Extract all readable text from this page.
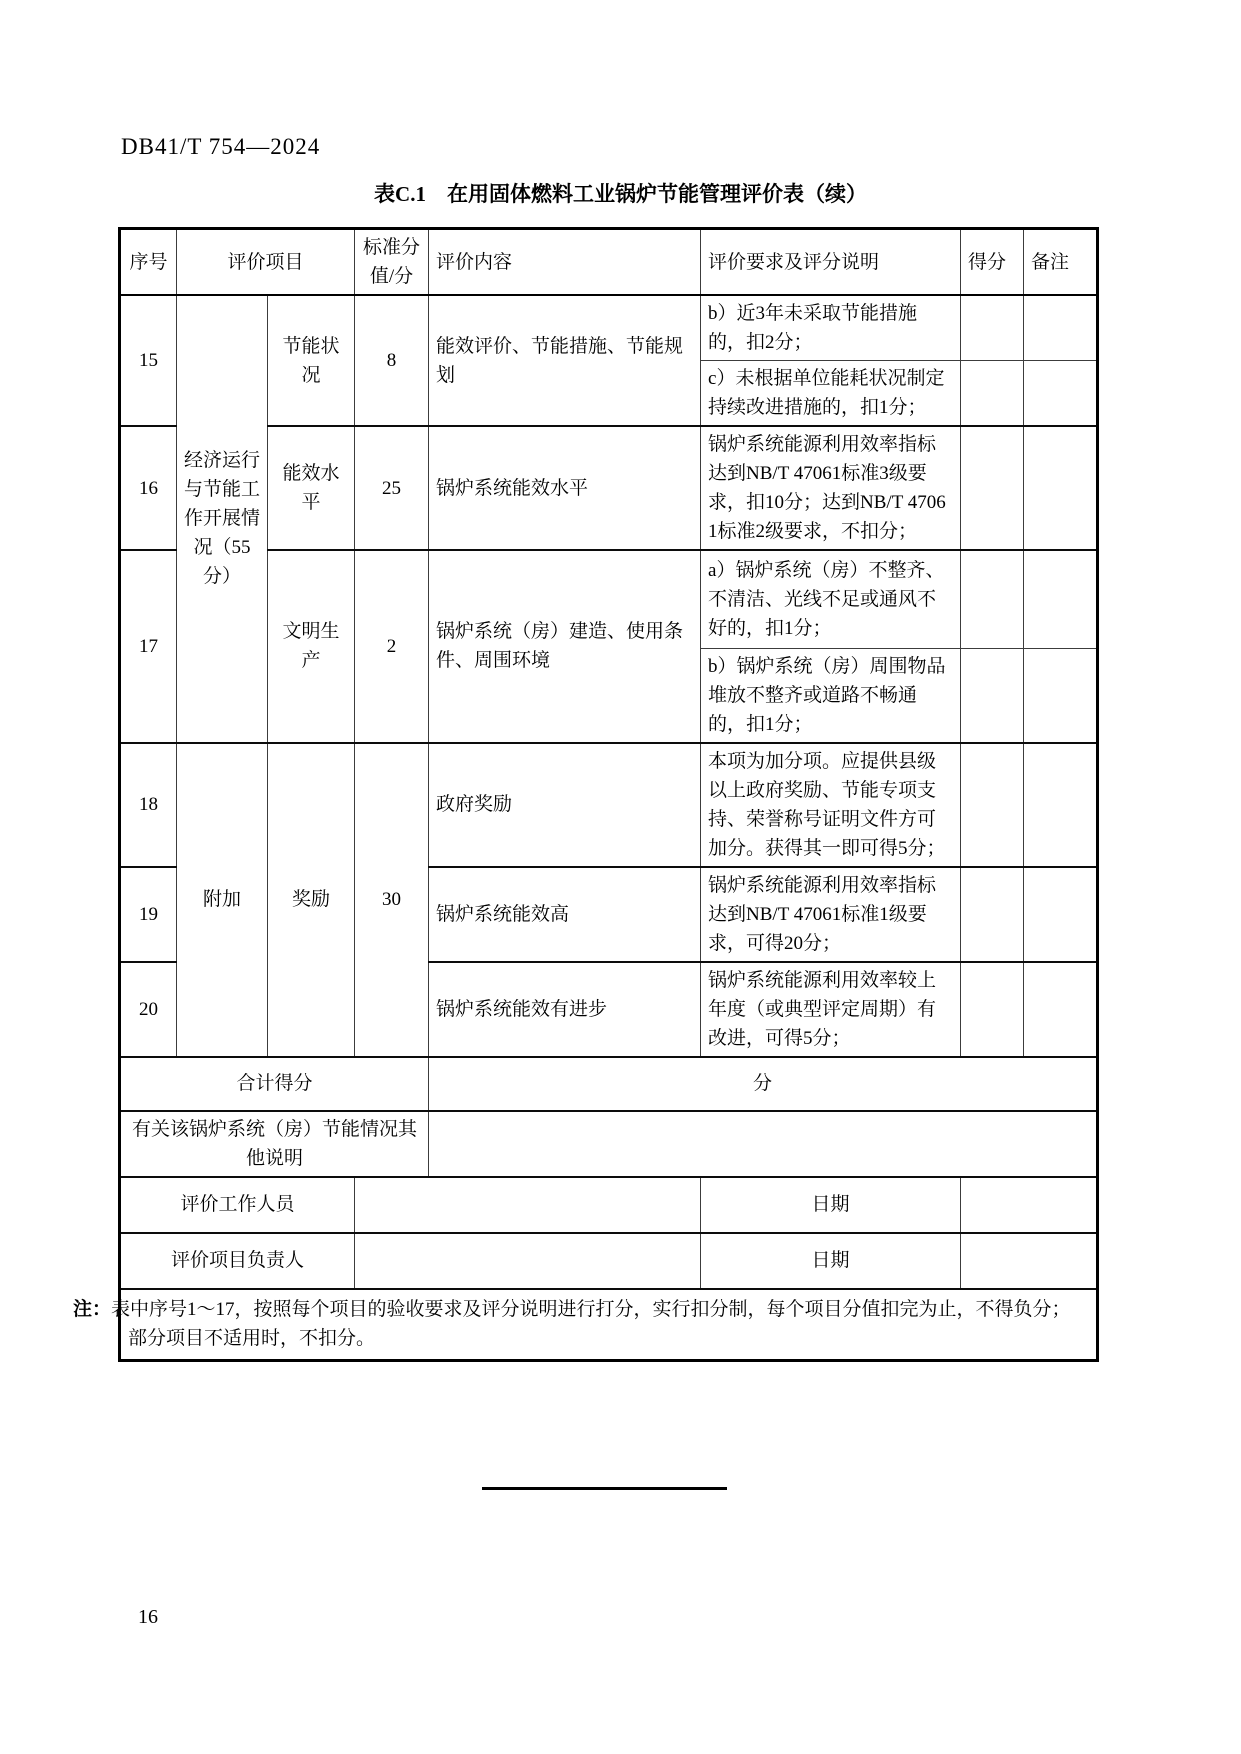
DB41/T 754—2024
表C.1　在用固体燃料工业锅炉节能管理评价表（续）
序号	评价项目		标准分值/分	评价内容	评价要求及评分说明	得分	备注
15	经济运行与节能工作开展情况（55分）	节能状况	8	能效评价、节能措施、节能规划	b）近3年未采取节能措施的，扣2分；		
					c）未根据单位能耗状况制定持续改进措施的，扣1分；		
16		能效水平	25	锅炉系统能效水平	锅炉系统能源利用效率指标达到NB/T 47061标准3级要求，扣10分；达到NB/T 47061标准2级要求，不扣分；		
17		文明生产	2	锅炉系统（房）建造、使用条件、周围环境	a）锅炉系统（房）不整齐、不清洁、光线不足或通风不好的，扣1分；		
					b）锅炉系统（房）周围物品堆放不整齐或道路不畅通的，扣1分；		
18	附加	奖励	30	政府奖励	本项为加分项。应提供县级以上政府奖励、节能专项支持、荣誉称号证明文件方可加分。获得其一即可得5分；		
19				锅炉系统能效高	锅炉系统能源利用效率指标达到NB/T 47061标准1级要求，可得20分；		
20				锅炉系统能效有进步	锅炉系统能源利用效率较上年度（或典型评定周期）有改进，可得5分；		
合计得分				分			
有关该锅炉系统（房）节能情况其他说明							
评价工作人员					日期		
评价项目负责人					日期		
注：表中序号1～17，按照每个项目的验收要求及评分说明进行打分，实行扣分制，每个项目分值扣完为止，不得负分；部分项目不适用时，不扣分。							
16
